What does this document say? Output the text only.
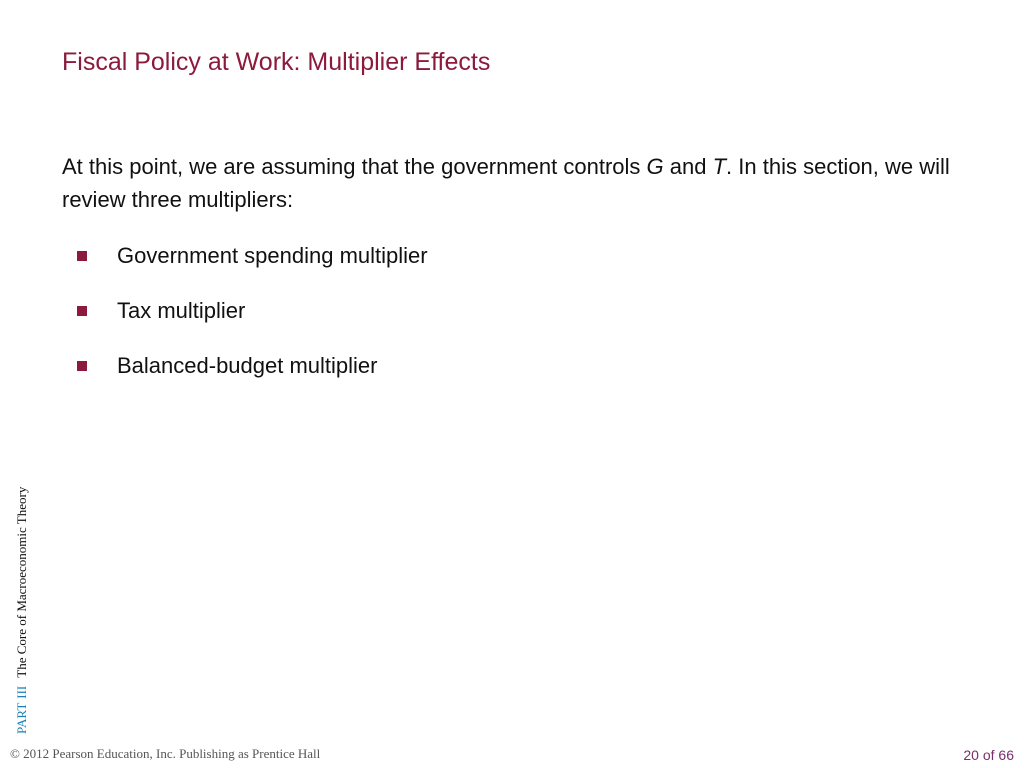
Fiscal Policy at Work: Multiplier Effects
At this point, we are assuming that the government controls G and T. In this section, we will review three multipliers:
Government spending multiplier
Tax multiplier
Balanced-budget multiplier
PARTIIIThe Core of Macroeconomic Theory
© 2012 Pearson Education, Inc. Publishing as Prentice Hall	20 of 66
